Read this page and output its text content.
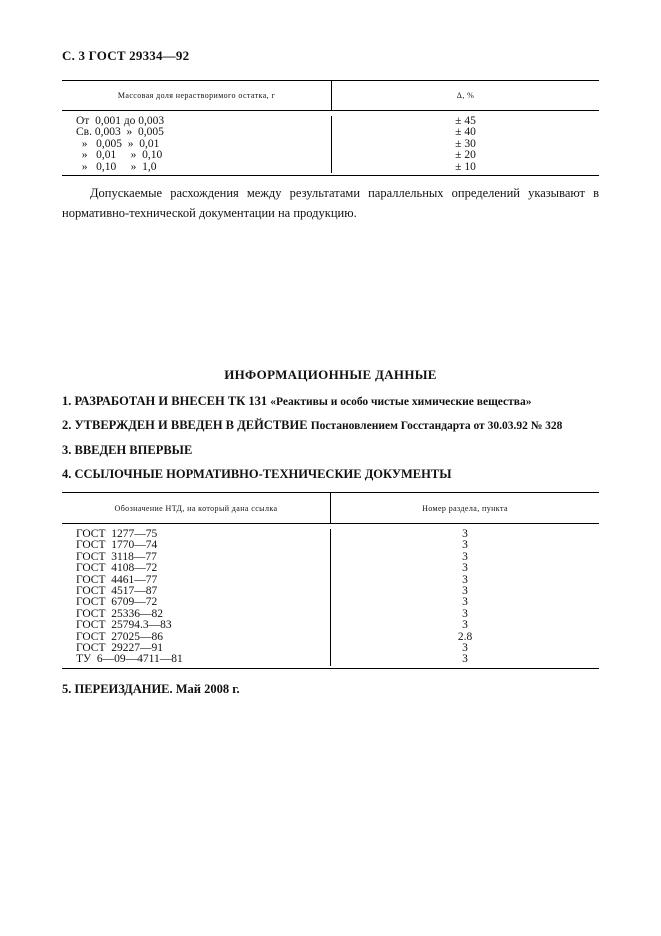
С. 3 ГОСТ 29334—92
Массовая доля нерастворимого остатка, г	Δ, %
От  0,001 до 0,003
Св. 0,003  »  0,005
»   0,005  »  0,01
»   0,01     »  0,10
»   0,10     »  1,0
± 45
± 40
± 30
± 20
± 10
Допускаемые расхождения между результатами параллельных определений указывают в нормативно-технической документации на продукцию.
ИНФОРМАЦИОННЫЕ ДАННЫЕ
1. РАЗРАБОТАН И ВНЕСЕН ТК 131 «Реактивы и особо чистые химические вещества»
2. УТВЕРЖДЕН И ВВЕДЕН В ДЕЙСТВИЕ Постановлением Госстандарта от 30.03.92 № 328
3. ВВЕДЕН ВПЕРВЫЕ
4. ССЫЛОЧНЫЕ НОРМАТИВНО-ТЕХНИЧЕСКИЕ ДОКУМЕНТЫ
Обозначение НТД, на который дана ссылка	Номер раздела, пункта
ГОСТ  1277—75
ГОСТ  1770—74
ГОСТ  3118—77
ГОСТ  4108—72
ГОСТ  4461—77
ГОСТ  4517—87
ГОСТ  6709—72
ГОСТ  25336—82
ГОСТ  25794.3—83
ГОСТ  27025—86
ГОСТ  29227—91
ТУ  6—09—4711—81
3
3
3
3
3
3
3
3
3
2.8
3
3
5. ПЕРЕИЗДАНИЕ. Май 2008 г.
